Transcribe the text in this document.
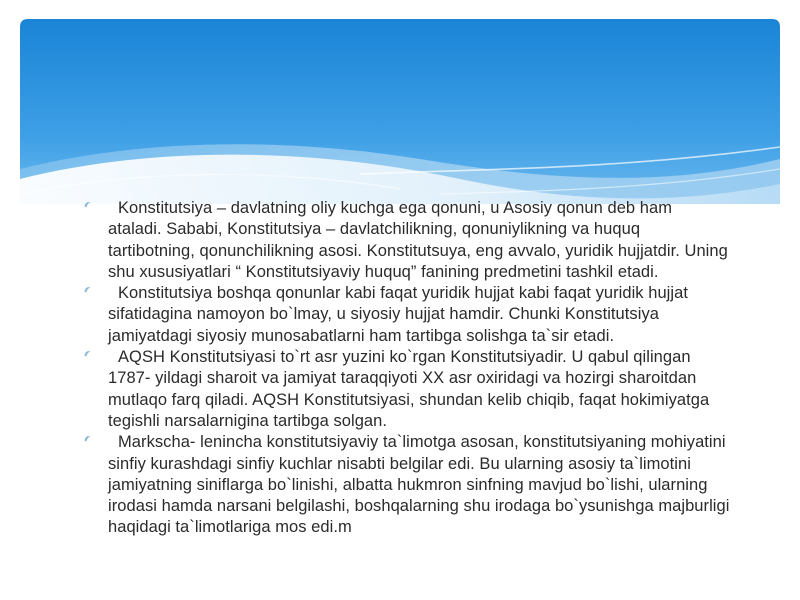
Konstitutsiya – davlatning oliy kuchga ega qonuni, u Asosiy qonun deb ham ataladi. Sababi, Konstitutsiya – davlatchilikning, qonuniylikning va huquq tartibotning, qonunchilikning asosi. Konstitutsuya, eng avvalo, yuridik hujjatdir. Uning shu xususiyatlari “ Konstitutsiyaviy huquq” fanining predmetini tashkil etadi.
Konstitutsiya boshqa qonunlar kabi faqat yuridik hujjat kabi faqat yuridik hujjat sifatidagina namoyon bo`lmay, u siyosiy hujjat hamdir. Chunki Konstitutsiya jamiyatdagi siyosiy munosabatlarni ham tartibga solishga ta`sir etadi.
AQSH Konstitutsiyasi to`rt asr yuzini ko`rgan Konstitutsiyadir. U qabul qilingan 1787- yildagi sharoit va jamiyat taraqqiyoti XX asr oxiridagi va hozirgi sharoitdan mutlaqo farq qiladi. AQSH Konstitutsiyasi, shundan kelib chiqib, faqat hokimiyatga tegishli narsalarnigina tartibga solgan.
Markscha- lenincha konstitutsiyaviy ta`limotga asosan, konstitutsiyaning mohiyatini sinfiy kurashdagi sinfiy kuchlar nisabti belgilar edi. Bu ularning asosiy ta`limotini jamiyatning siniflarga bo`linishi, albatta hukmron sinfning mavjud bo`lishi, ularning irodasi hamda narsani belgilashi, boshqalarning shu irodaga bo`ysunishga majburligi haqidagi ta`limotlariga mos edi.m
